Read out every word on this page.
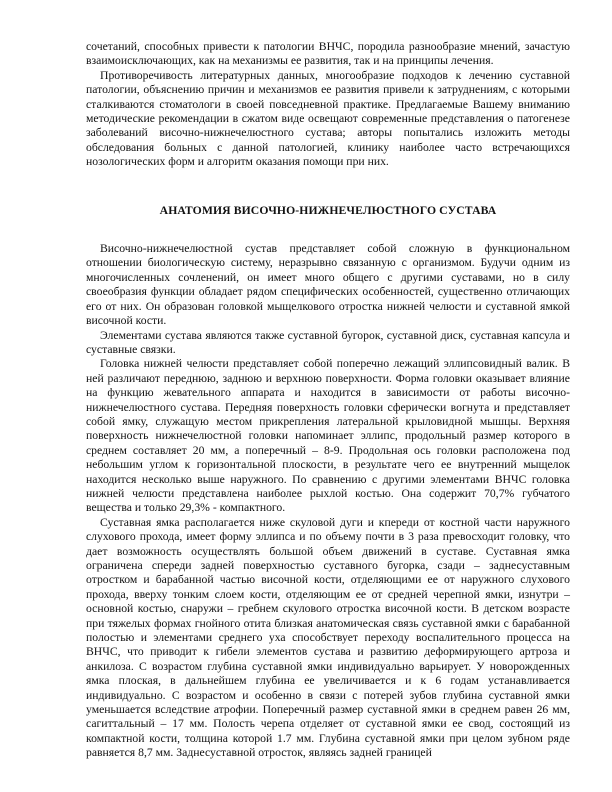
сочетаний, способных привести к патологии ВНЧС, породила разнообразие мнений, зачастую взаимоисключающих, как на механизмы ее развития, так и на принципы лечения.

Противоречивость литературных данных, многообразие подходов к лечению суставной патологии, объяснению причин и механизмов ее развития привели к затруднениям, с которыми сталкиваются стоматологи в своей повседневной практике. Предлагаемые Вашему вниманию методические рекомендации в сжатом виде освещают современные представления о патогенезе заболеваний височно-нижнечелюстного сустава; авторы попытались изложить методы обследования больных с данной патологией, клинику наиболее часто встречающихся нозологических форм и алгоритм оказания помощи при них.

АНАТОМИЯ ВИСОЧНО-НИЖНЕЧЕЛЮСТНОГО СУСТАВА

Височно-нижнечелюстной сустав представляет собой сложную в функциональном отношении биологическую систему, неразрывно связанную с организмом. Будучи одним из многочисленных сочленений, он имеет много общего с другими суставами, но в силу своеобразия функции обладает рядом специфических особенностей, существенно отличающих его от них. Он образован головкой мыщелкового отростка нижней челюсти и суставной ямкой височной кости.

Элементами сустава являются также суставной бугорок, суставной диск, суставная капсула и суставные связки.

Головка нижней челюсти представляет собой поперечно лежащий эллипсовидный валик. В ней различают переднюю, заднюю и верхнюю поверхности. Форма головки оказывает влияние на функцию жевательного аппарата и находится в зависимости от работы височно-нижнечелюстного сустава. Передняя поверхность головки сферически вогнута и представляет собой ямку, служащую местом прикрепления латеральной крыловидной мышцы. Верхняя поверхность нижнечелюстной головки напоминает эллипс, продольный размер которого в среднем составляет 20 мм, а поперечный – 8-9. Продольная ось головки расположена под небольшим углом к горизонтальной плоскости, в результате чего ее внутренний мыщелок находится несколько выше наружного. По сравнению с другими элементами ВНЧС головка нижней челюсти представлена наиболее рыхлой костью. Она содержит 70,7% губчатого вещества и только 29,3% - компактного.

Суставная ямка располагается ниже скуловой дуги и кпереди от костной части наружного слухового прохода, имеет форму эллипса и по объему почти в 3 раза превосходит головку, что дает возможность осуществлять большой объем движений в суставе. Суставная ямка ограничена спереди задней поверхностью суставного бугорка, сзади – заднесуставным отростком и барабанной частью височной кости, отделяющими ее от наружного слухового прохода, вверху тонким слоем кости, отделяющим ее от средней черепной ямки, изнутри – основной костью, снаружи – гребнем скулового отростка височной кости. В детском возрасте при тяжелых формах гнойного отита близкая анатомическая связь суставной ямки с барабанной полостью и элементами среднего уха способствует переходу воспалительного процесса на ВНЧС, что приводит к гибели элементов сустава и развитию деформирующего артроза и анкилоза. С возрастом глубина суставной ямки индивидуально варьирует. У новорожденных ямка плоская, в дальнейшем глубина ее увеличивается и к 6 годам устанавливается индивидуально. С возрастом и особенно в связи с потерей зубов глубина суставной ямки уменьшается вследствие атрофии. Поперечный размер суставной ямки в среднем равен 26 мм, сагиттальный – 17 мм. Полость черепа отделяет от суставной ямки ее свод, состоящий из компактной кости, толщина которой 1.7 мм. Глубина суставной ямки при целом зубном ряде равняется 8,7 мм. Заднесуставной отросток, являясь задней границей
